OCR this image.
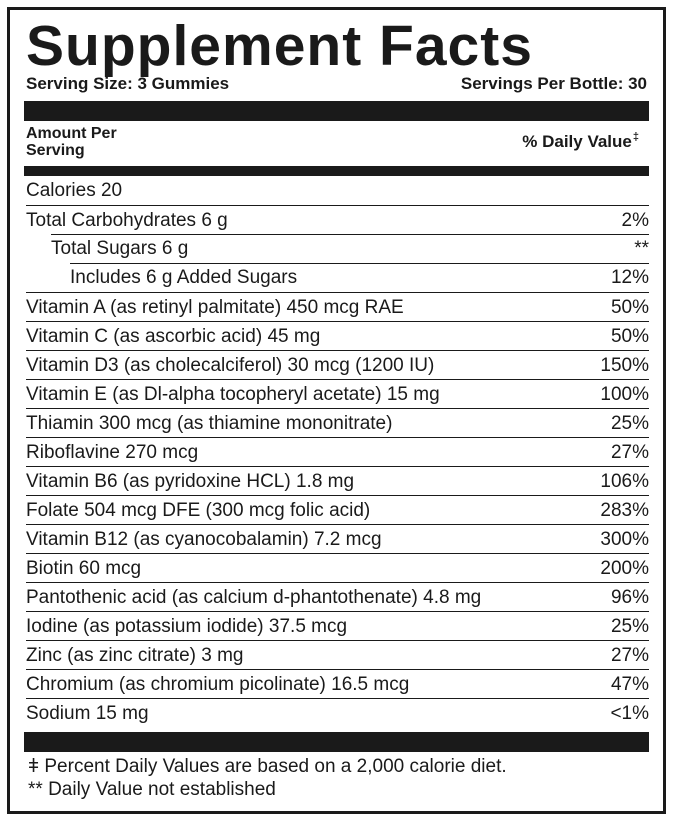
Supplement Facts
Serving Size: 3 Gummies	Servings Per Bottle: 30
Amount Per
Serving	% Daily Value‡
Calories 20
Total Carbohydrates 6 g	2%
Total Sugars 6 g	**
Includes 6 g Added Sugars	12%
Vitamin A (as retinyl palmitate) 450 mcg RAE	50%
Vitamin C (as ascorbic acid) 45 mg	50%
Vitamin D3 (as cholecalciferol) 30 mcg (1200 IU)	150%
Vitamin E (as Dl-alpha tocopheryl acetate) 15 mg	100%
Thiamin 300 mcg (as thiamine mononitrate)	25%
Riboflavine 270 mcg	27%
Vitamin B6 (as pyridoxine HCL) 1.8 mg	106%
Folate 504 mcg DFE (300 mcg folic acid)	283%
Vitamin B12 (as cyanocobalamin) 7.2 mcg	300%
Biotin 60 mcg	200%
Pantothenic acid (as calcium d-phantothenate) 4.8 mg	96%
Iodine (as potassium iodide) 37.5 mcg	25%
Zinc (as zinc citrate) 3 mg	27%
Chromium (as chromium picolinate) 16.5 mcg	47%
Sodium 15 mg	<1%
ǂ Percent Daily Values are based on a 2,000 calorie diet.
** Daily Value not established
